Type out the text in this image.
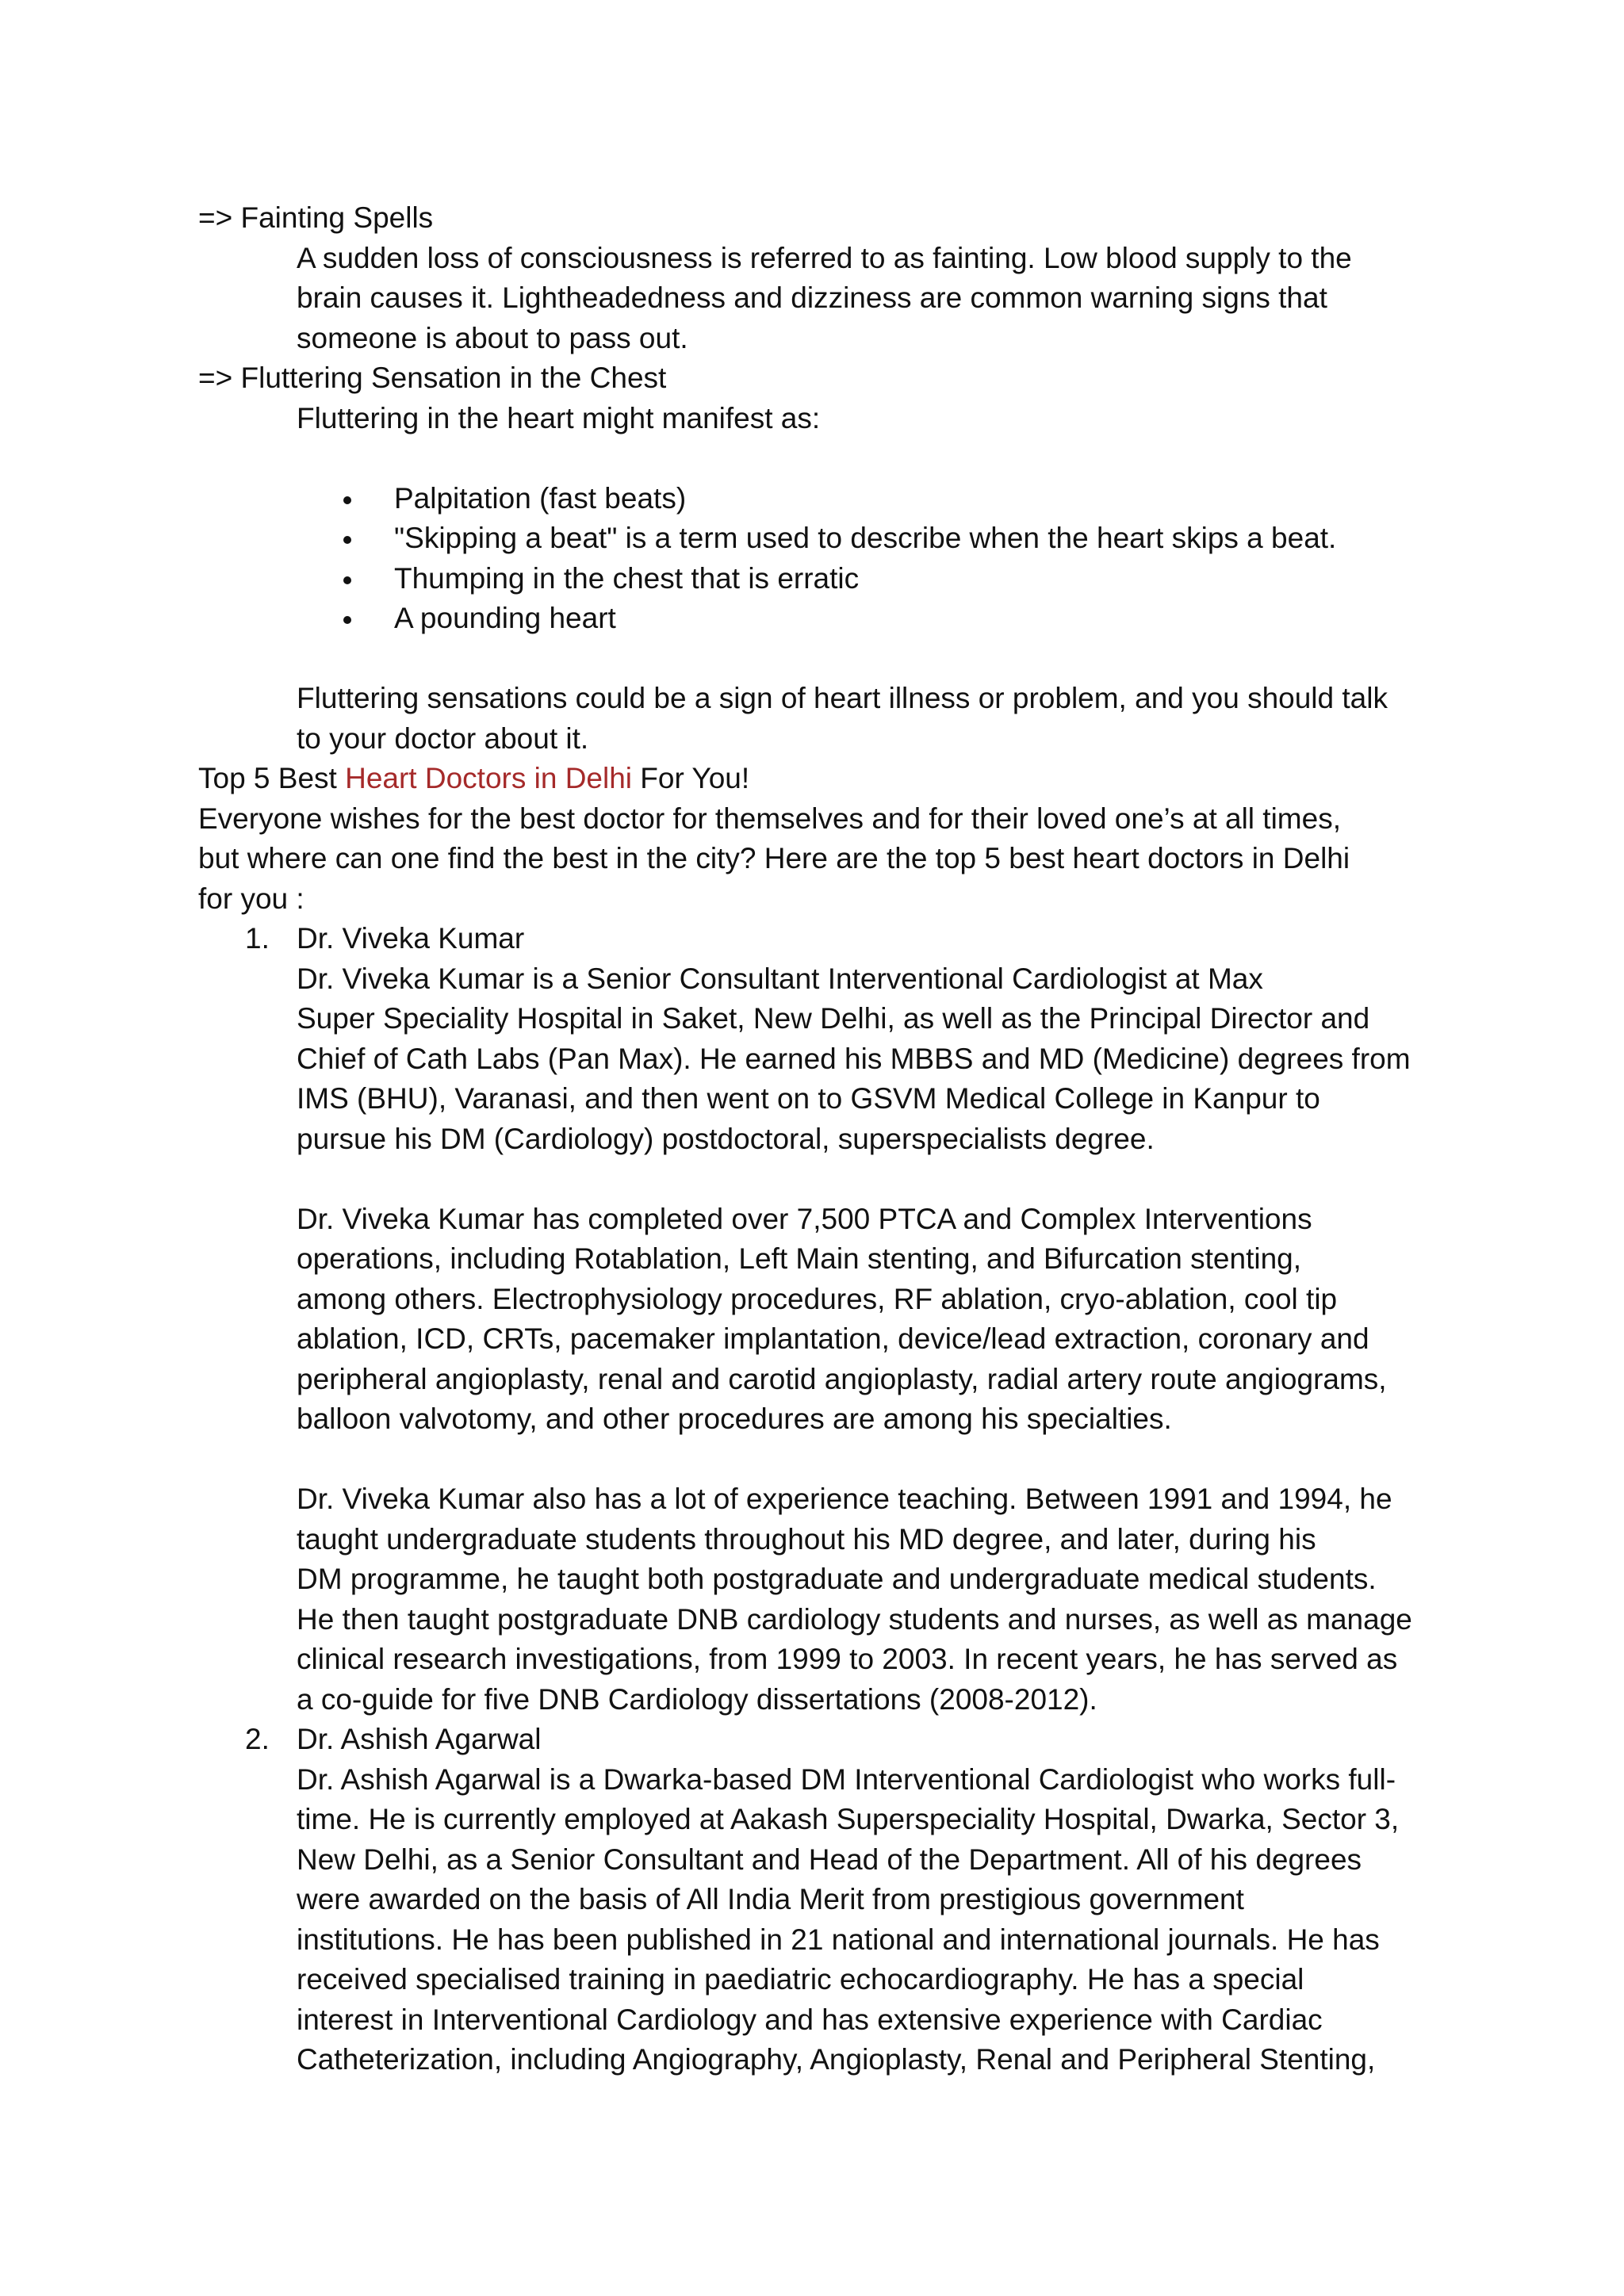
=> Fainting Spells
A sudden loss of consciousness is referred to as fainting. Low blood supply to the
brain causes it. Lightheadedness and dizziness are common warning signs that
someone is about to pass out.
=> Fluttering Sensation in the Chest
Fluttering in the heart might manifest as:
Palpitation (fast beats)
"Skipping a beat" is a term used to describe when the heart skips a beat.
Thumping in the chest that is erratic
A pounding heart
Fluttering sensations could be a sign of heart illness or problem, and you should talk
to your doctor about it.
Top 5 Best Heart Doctors in Delhi For You!
Everyone wishes for the best doctor for themselves and for their loved one’s at all times,
but where can one find the best in the city? Here are the top 5 best heart doctors in Delhi
for you :
1. Dr. Viveka Kumar
Dr. Viveka Kumar is a Senior Consultant Interventional Cardiologist at Max
Super Speciality Hospital in Saket, New Delhi, as well as the Principal Director and
Chief of Cath Labs (Pan Max). He earned his MBBS and MD (Medicine) degrees from
IMS (BHU), Varanasi, and then went on to GSVM Medical College in Kanpur to
pursue his DM (Cardiology) postdoctoral, superspecialists degree.
Dr. Viveka Kumar has completed over 7,500 PTCA and Complex Interventions
operations, including Rotablation, Left Main stenting, and Bifurcation stenting,
among others. Electrophysiology procedures, RF ablation, cryo-ablation, cool tip
ablation, ICD, CRTs, pacemaker implantation, device/lead extraction, coronary and
peripheral angioplasty, renal and carotid angioplasty, radial artery route angiograms,
balloon valvotomy, and other procedures are among his specialties.
Dr. Viveka Kumar also has a lot of experience teaching. Between 1991 and 1994, he
taught undergraduate students throughout his MD degree, and later, during his
DM programme, he taught both postgraduate and undergraduate medical students.
He then taught postgraduate DNB cardiology students and nurses, as well as manage
clinical research investigations, from 1999 to 2003. In recent years, he has served as
a co-guide for five DNB Cardiology dissertations (2008-2012).
2. Dr. Ashish Agarwal
Dr. Ashish Agarwal is a Dwarka-based DM Interventional Cardiologist who works full-
time. He is currently employed at Aakash Superspeciality Hospital, Dwarka, Sector 3,
New Delhi, as a Senior Consultant and Head of the Department. All of his degrees
were awarded on the basis of All India Merit from prestigious government
institutions. He has been published in 21 national and international journals. He has
received specialised training in paediatric echocardiography. He has a special
interest in Interventional Cardiology and has extensive experience with Cardiac
Catheterization, including Angiography, Angioplasty, Renal and Peripheral Stenting,
